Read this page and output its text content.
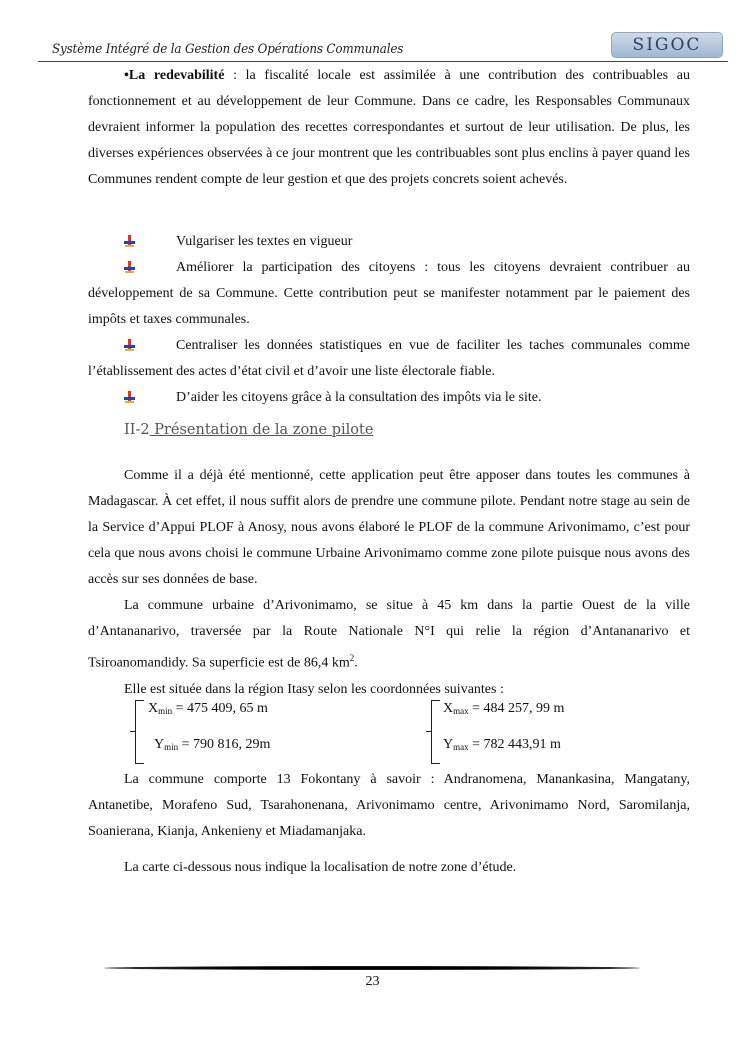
Système Intégré de la Gestion des Opérations Communales	SIGOC

•La redevabilité : la fiscalité locale est assimilée à une contribution des contribuables au fonctionnement et au développement de leur Commune. Dans ce cadre, les Responsables Communaux devraient informer la population des recettes correspondantes et surtout de leur utilisation. De plus, les diverses expériences observées à ce jour montrent que les contribuables sont plus enclins à payer quand les Communes rendent compte de leur gestion et que des projets concrets soient achevés.

Vulgariser les textes en vigueur

Améliorer la participation des citoyens : tous les citoyens devraient contribuer au développement de sa Commune. Cette contribution peut se manifester notamment par le paiement des impôts et taxes communales.

Centraliser les données statistiques en vue de faciliter les taches communales comme l’établissement des actes d’état civil et d’avoir une liste électorale fiable.

D’aider les citoyens grâce à la consultation des impôts via le site.

II-2 Présentation de la zone pilote

Comme il a déjà été mentionné, cette application peut être apposer dans toutes les communes à Madagascar. À cet effet, il nous suffit alors de prendre une commune pilote. Pendant notre stage au sein de la Service d’Appui PLOF à Anosy, nous avons élaboré le PLOF de la commune Arivonimamo, c’est pour cela que nous avons choisi le commune Urbaine Arivonimamo comme zone pilote puisque nous avons des accès sur ses données de base.

La commune urbaine d’Arivonimamo, se situe à 45 km dans la partie Ouest de la ville d’Antananarivo, traversée par la Route Nationale N°I qui relie la région d’Antananarivo et Tsiroanomandidy. Sa superficie est de 86,4 $km^2$.

Elle est située dans la région Itasy selon les coordonnées suivantes :

$X_{min} = 475$ 409, 65 m
$Y_{min} = 790$ 816, 29m
$X_{max} = 484$ 257, 99 m
$Y_{max} = 782$ 443,91 m

La commune comporte 13 Fokontany à savoir : Andranomena, Manankasina, Mangatany, Antanetibe, Morafeno Sud, Tsarahonenana, Arivonimamo centre, Arivonimamo Nord, Saromilanja, Soanierana, Kianja, Ankenieny et Miadamanjaka.

La carte ci-dessous nous indique la localisation de notre zone d’étude.

23
